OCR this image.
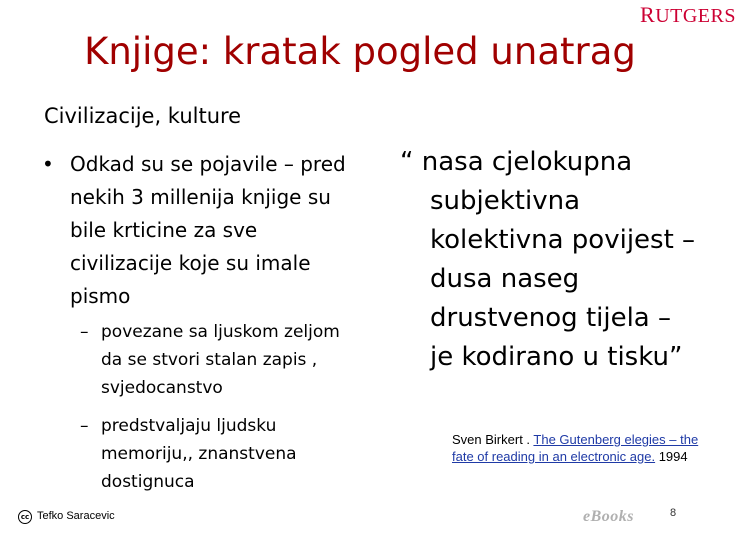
RUTGERS
Knjige: kratak pogled unatrag
Civilizacije, kulture
• Odkad su se pojavile – pred nekih 3 millenija knjige su bile krticine za sve civilizacije koje su imale pismo
– povezane sa ljuskom zeljom da se stvori stalan zapis , svjedocanstvo
– predstvaljaju ljudsku memoriju,, znanstvena dostignuca
“ nasa cjelokupna
subjektivna kolektivna povijest – dusa naseg drustvenog tijela – je kodirano u tisku”
Sven Birkert . The Gutenberg elegies – the fate of reading in an electronic age. 1994
cc Tefko Saracevic	eBooks	8
